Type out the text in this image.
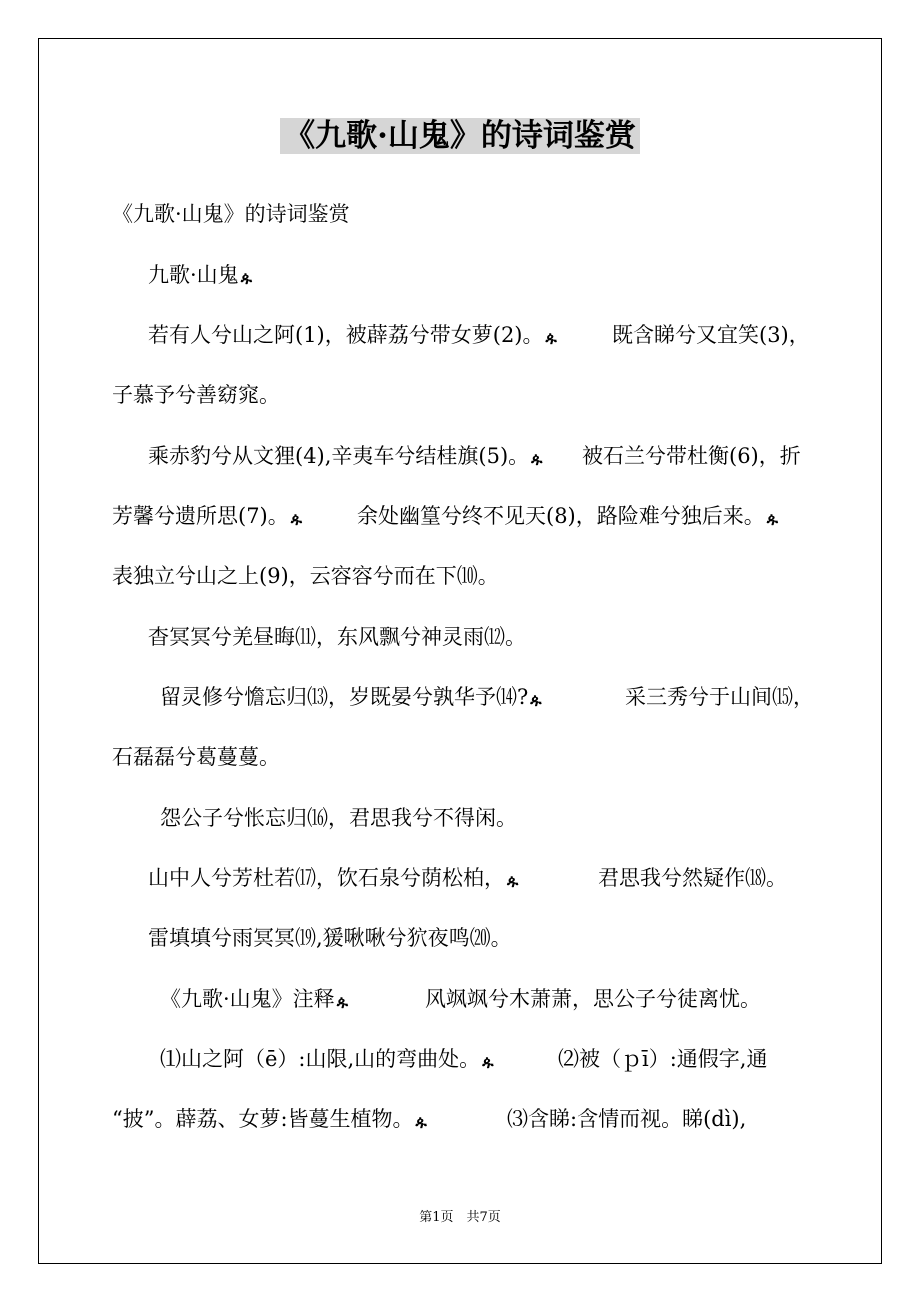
《九歌·山鬼》的诗词鉴赏
《九歌·山鬼》的诗词鉴赏
九歌·山鬼 ዹ
若有人兮山之阿(1)，被薜荔兮带女萝(2)。 ዹ	既含睇兮又宜笑(3)，
子慕予兮善窈窕。
乘赤豹兮从文狸(4),辛夷车兮结桂旗(5)。 ዹ 被石兰兮带杜衡(6)，折
芳馨兮遗所思(7)。 ዹ	余处幽篁兮终不见天(8)，路险难兮独后来。 ዹ
表独立兮山之上(9)，云容容兮而在下⑽。
杳冥冥兮羌昼晦⑾，东风飘兮神灵雨⑿。
留灵修兮憺忘归⒀，岁既晏兮孰华予⒁? ዹ	采三秀兮于山间⒂，
石磊磊兮葛蔓蔓。
怨公子兮怅忘归⒃，君思我兮不得闲。
山中人兮芳杜若⒄，饮石泉兮荫松柏， ዹ	君思我兮然疑作⒅。
雷填填兮雨冥冥⒆,猨啾啾兮狖夜鸣⒇。
《九歌·山鬼》注释 ዹ	风飒飒兮木萧萧，思公子兮徒离忧。
⑴山之阿（ē）:山限,山的弯曲处。 ዹ	⑵被（ｐī）:通假字,通
“披”。薜荔、女萝:皆蔓生植物。 ዹ	⑶含睇:含情而视。睇(dì),
第1页　共7页
